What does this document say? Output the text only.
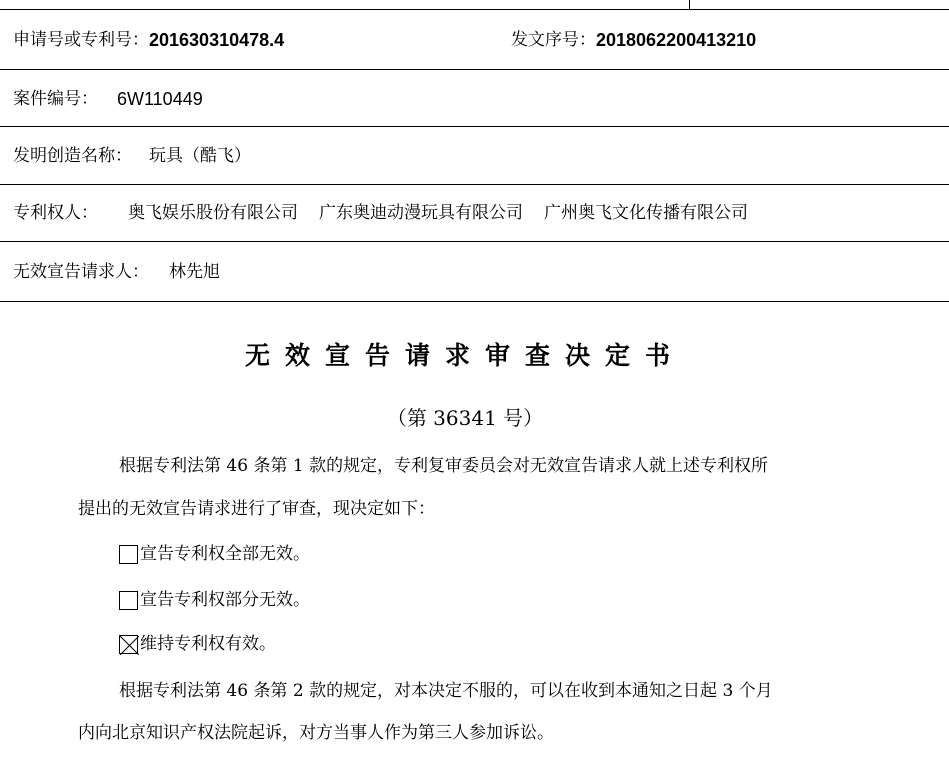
申请号或专利号： 201630310478.4	发文序号： 2018062200413210
案件编号： 6W110449
发明创造名称： 玩具（酷飞）
专利权人： 奥飞娱乐股份有限公司 广东奥迪动漫玩具有限公司 广州奥飞文化传播有限公司
无效宣告请求人： 林先旭
无效宣告请求审查决定书
（第 36341 号）
根据专利法第 46 条第 1 款的规定，专利复审委员会对无效宣告请求人就上述专利权所
提出的无效宣告请求进行了审查，现决定如下：
宣告专利权全部无效。
宣告专利权部分无效。
维持专利权有效。
根据专利法第 46 条第 2 款的规定，对本决定不服的，可以在收到本通知之日起 3 个月
内向北京知识产权法院起诉，对方当事人作为第三人参加诉讼。
